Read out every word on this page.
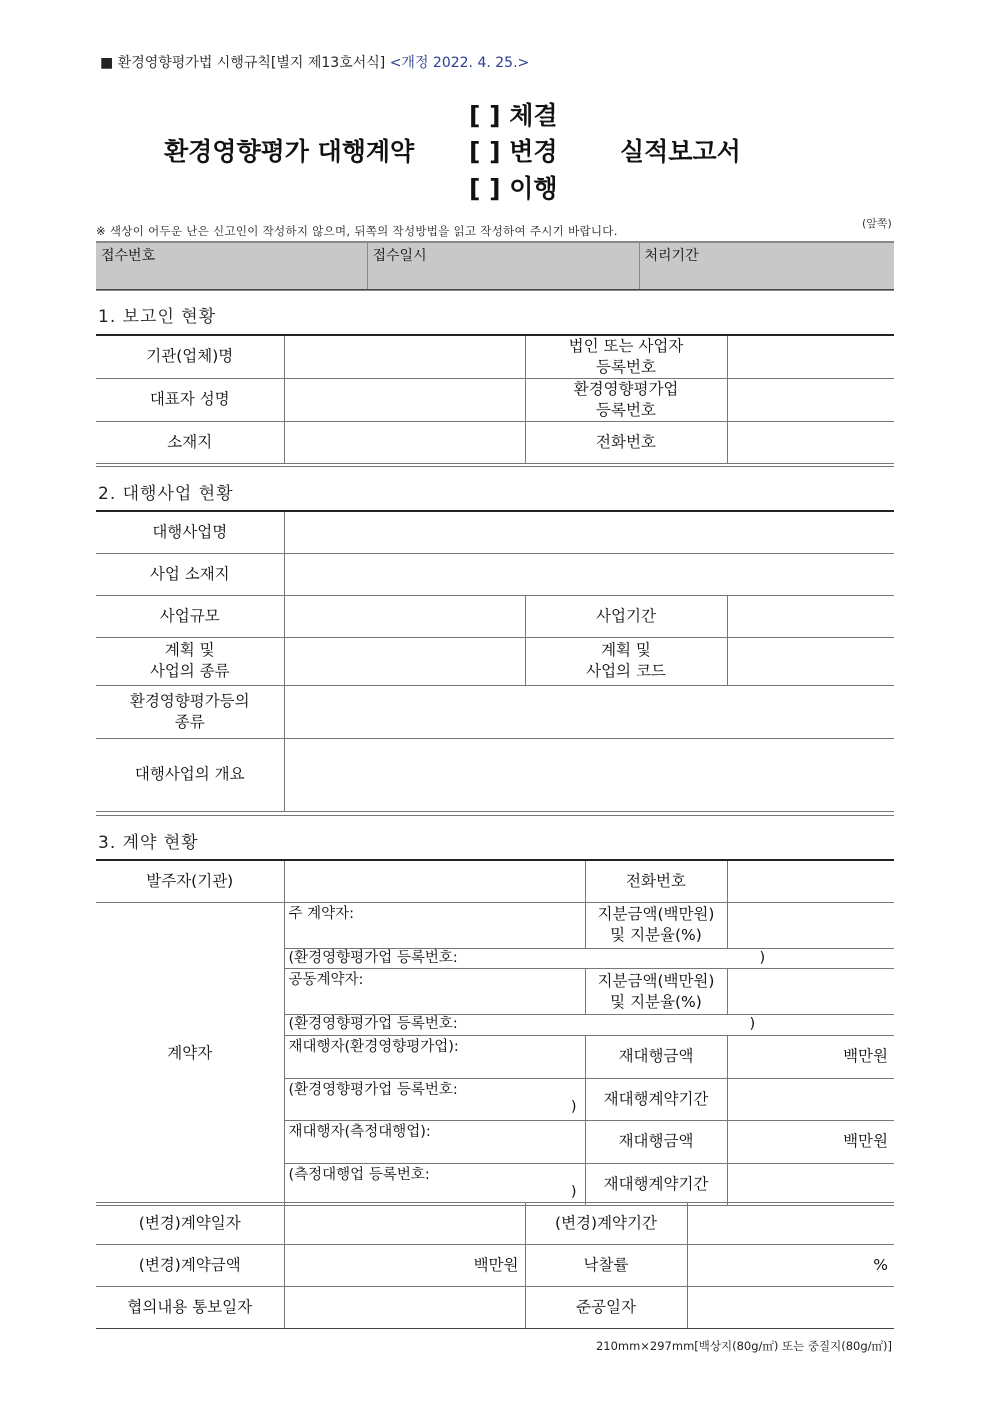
■ 환경영향평가법 시행규칙[별지 제13호서식] <개정 2022. 4. 25.>
환경영향평가 대행계약
[ ] 체결
[ ] 변경
[ ] 이행
실적보고서
(앞쪽)
※ 색상이 어두운 난은 신고인이 작성하지 않으며, 뒤쪽의 작성방법을 읽고 작성하여 주시기 바랍니다.
접수번호	접수일시	처리기간
1. 보고인 현황
기관(업체)명		법인 또는 사업자
등록번호	
대표자 성명		환경영향평가업
등록번호	
소재지		전화번호	
2. 대행사업 현황
대행사업명			
사업 소재지			
사업규모		사업기간	
계획 및
사업의 종류		계획 및
사업의 코드	
환경영향평가등의
종류			
대행사업의 개요			
3. 계약 현황
발주자(기관)		전화번호	
계약자	주 계약자:	지분금액(백만원)
및 지분율(%)	
	(환경영향평가업 등록번호: )		

	공동계약자:	지분금액(백만원)
및 지분율(%)	
	(환경영향평가업 등록번호: )		

	재대행자(환경영향평가업):	재대행금액	백만원
	(환경영향평가업 등록번호:
)	재대행계약기간	
	재대행자(측정대행업):	재대행금액	백만원
	(측정대행업 등록번호:
)	재대행계약기간	
(변경)계약일자		(변경)계약기간	
(변경)계약금액	백만원	낙찰률	%
협의내용 통보일자		준공일자	
210mm×297mm[백상지(80g/㎡) 또는 중질지(80g/㎡)]
